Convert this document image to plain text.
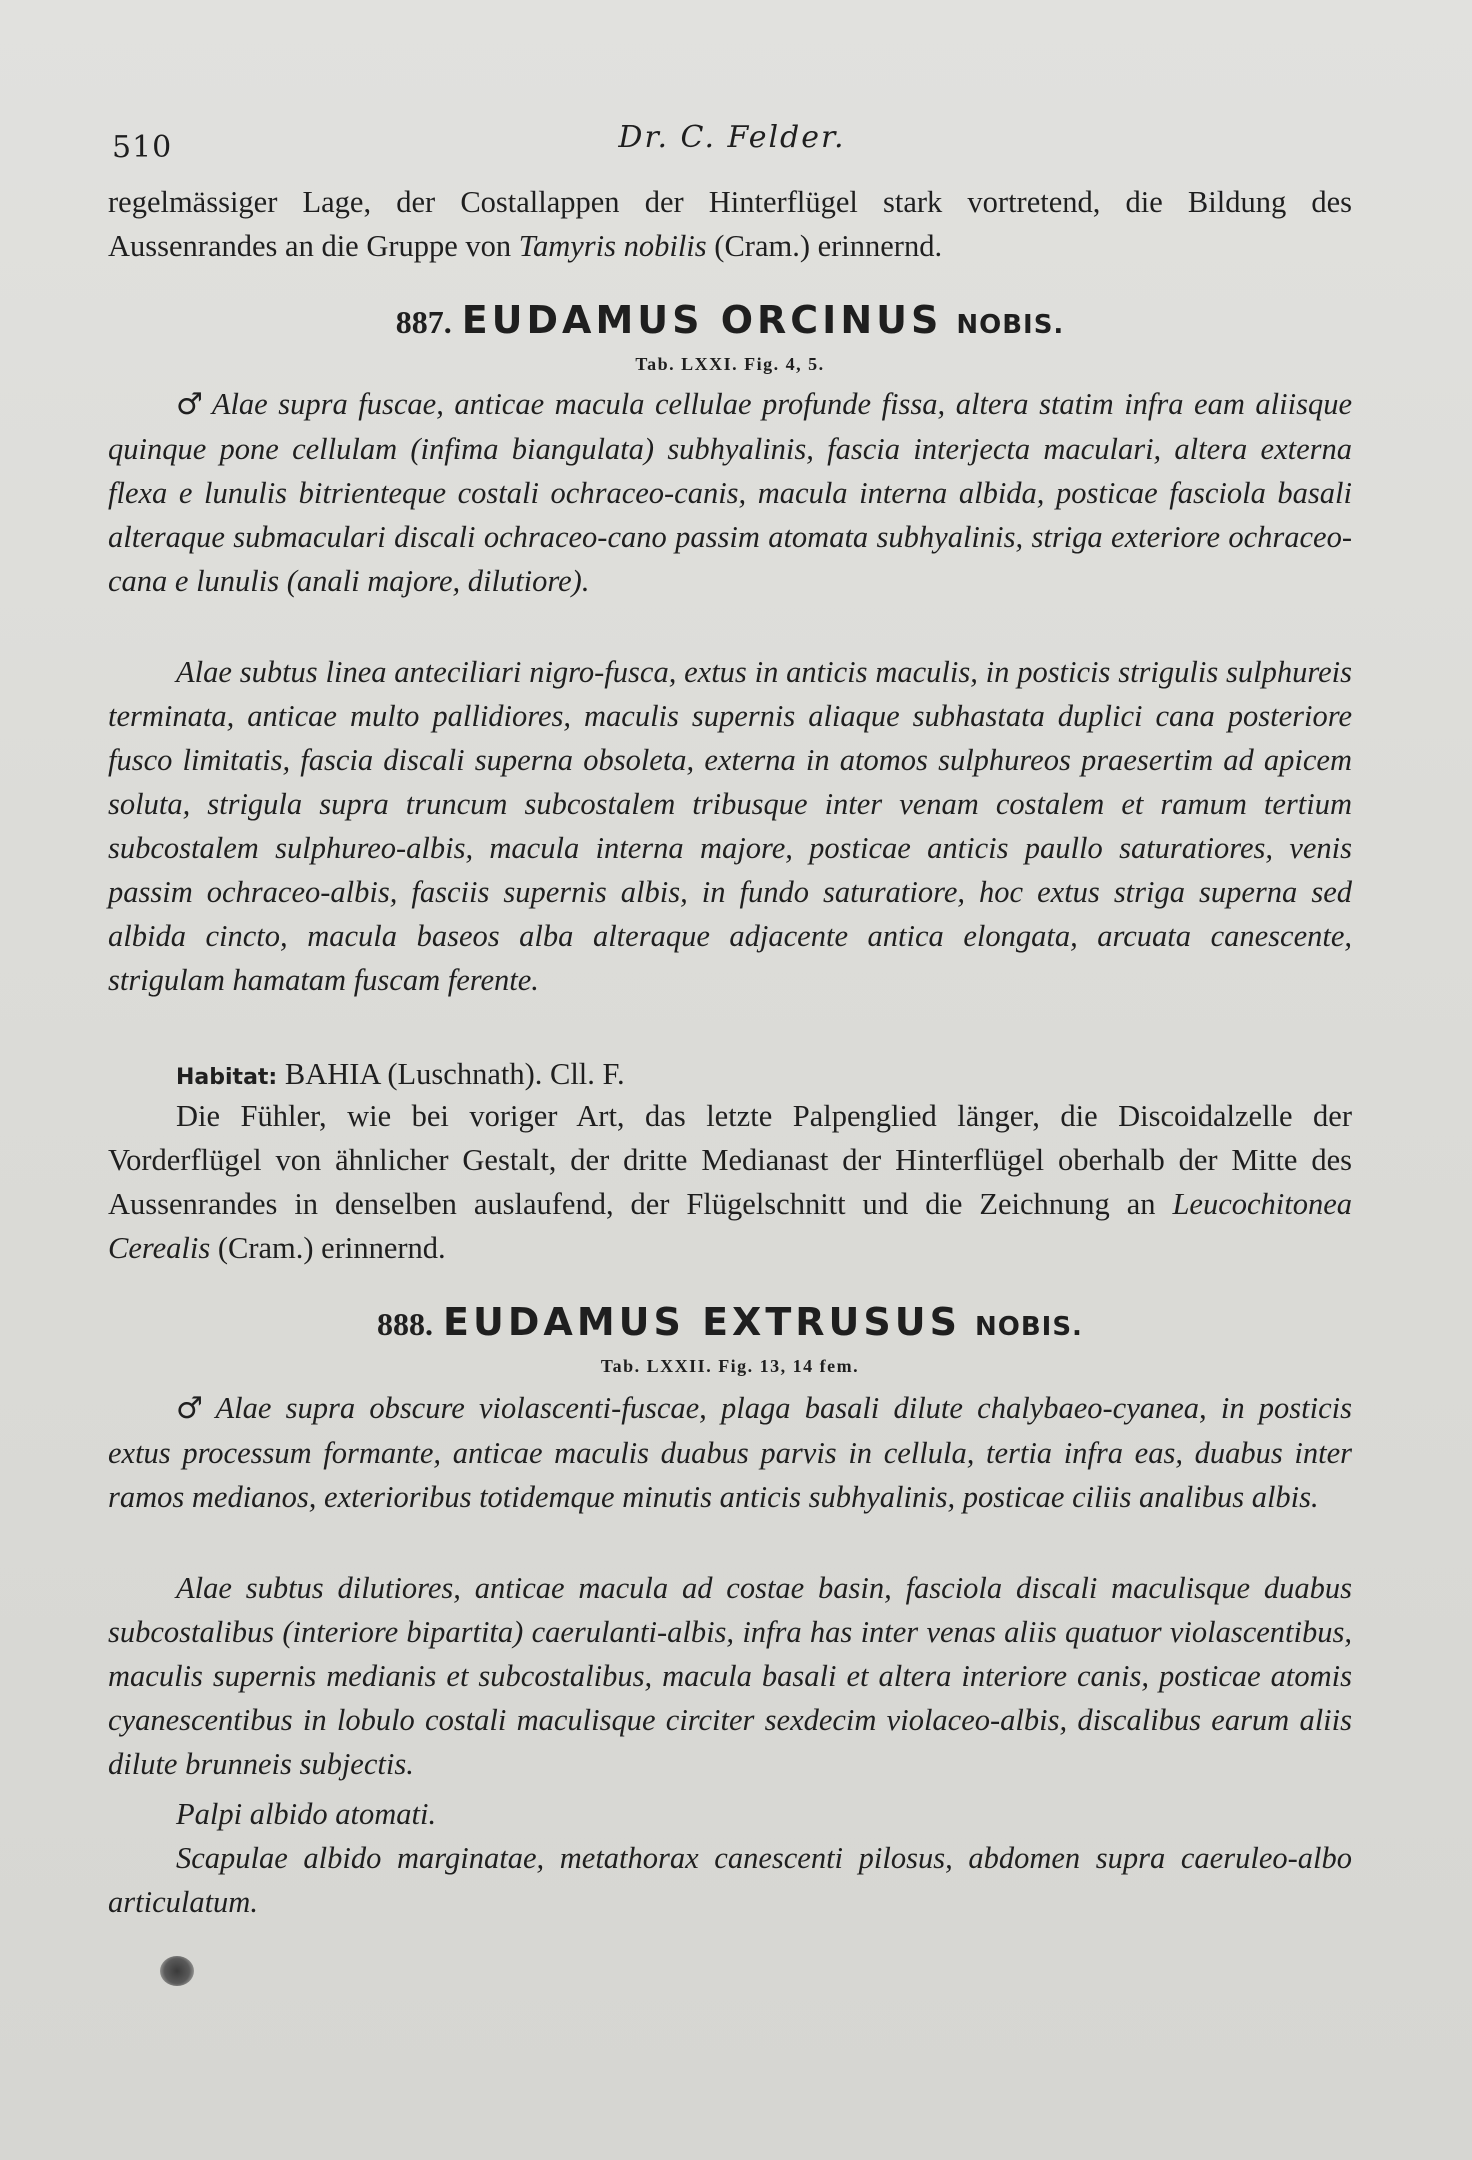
510	Dr. C. Felder.
regelmässiger Lage, der Costallappen der Hinterflügel stark vortretend, die Bildung des Aussenrandes an die Gruppe von Tamyris nobilis (Cram.) erinnernd.
887. EUDAMUS ORCINUS NOBIS.
Tab. LXXI. Fig. 4, 5.
♂ Alae supra fuscae, anticae macula cellulae profunde fissa, altera statim infra eam aliisque quinque pone cellulam (infima biangulata) subhyalinis, fascia interjecta maculari, altera externa flexa e lunulis bitrienteque costali ochraceo-canis, macula interna albida, posticae fasciola basali alteraque submaculari discali ochraceo-cano passim atomata subhyalinis, striga exteriore ochraceo-cana e lunulis (anali majore, dilutiore).
Alae subtus linea anteciliari nigro-fusca, extus in anticis maculis, in posticis strigulis sulphureis terminata, anticae multo pallidiores, maculis supernis aliaque subhastata duplici cana posteriore fusco limitatis, fascia discali superna obsoleta, externa in atomos sulphureos praesertim ad apicem soluta, strigula supra truncum subcostalem tribusque inter venam costalem et ramum tertium subcostalem sulphureo-albis, macula interna majore, posticae anticis paullo saturatiores, venis passim ochraceo-albis, fasciis supernis albis, in fundo saturatiore, hoc extus striga superna sed albida cincto, macula baseos alba alteraque adjacente antica elongata, arcuata canescente, strigulam hamatam fuscam ferente.
Habitat: BAHIA (Luschnath). Cll. F.
Die Fühler, wie bei voriger Art, das letzte Palpenglied länger, die Discoidalzelle der Vorderflügel von ähnlicher Gestalt, der dritte Medianast der Hinterflügel oberhalb der Mitte des Aussenrandes in denselben auslaufend, der Flügelschnitt und die Zeichnung an Leucochitonea Cerealis (Cram.) erinnernd.
888. EUDAMUS EXTRUSUS NOBIS.
Tab. LXXII. Fig. 13, 14 fem.
♂ Alae supra obscure violascenti-fuscae, plaga basali dilute chalybaeo-cyanea, in posticis extus processum formante, anticae maculis duabus parvis in cellula, tertia infra eas, duabus inter ramos medianos, exterioribus totidemque minutis anticis subhyalinis, posticae ciliis analibus albis.
Alae subtus dilutiores, anticae macula ad costae basin, fasciola discali maculisque duabus subcostalibus (interiore bipartita) caerulanti-albis, infra has inter venas aliis quatuor violascentibus, maculis supernis medianis et subcostalibus, macula basali et altera interiore canis, posticae atomis cyanescentibus in lobulo costali maculisque circiter sexdecim violaceo-albis, discalibus earum aliis dilute brunneis subjectis.
Palpi albido atomati.
Scapulae albido marginatae, metathorax canescenti pilosus, abdomen supra caeruleo-albo articulatum.
